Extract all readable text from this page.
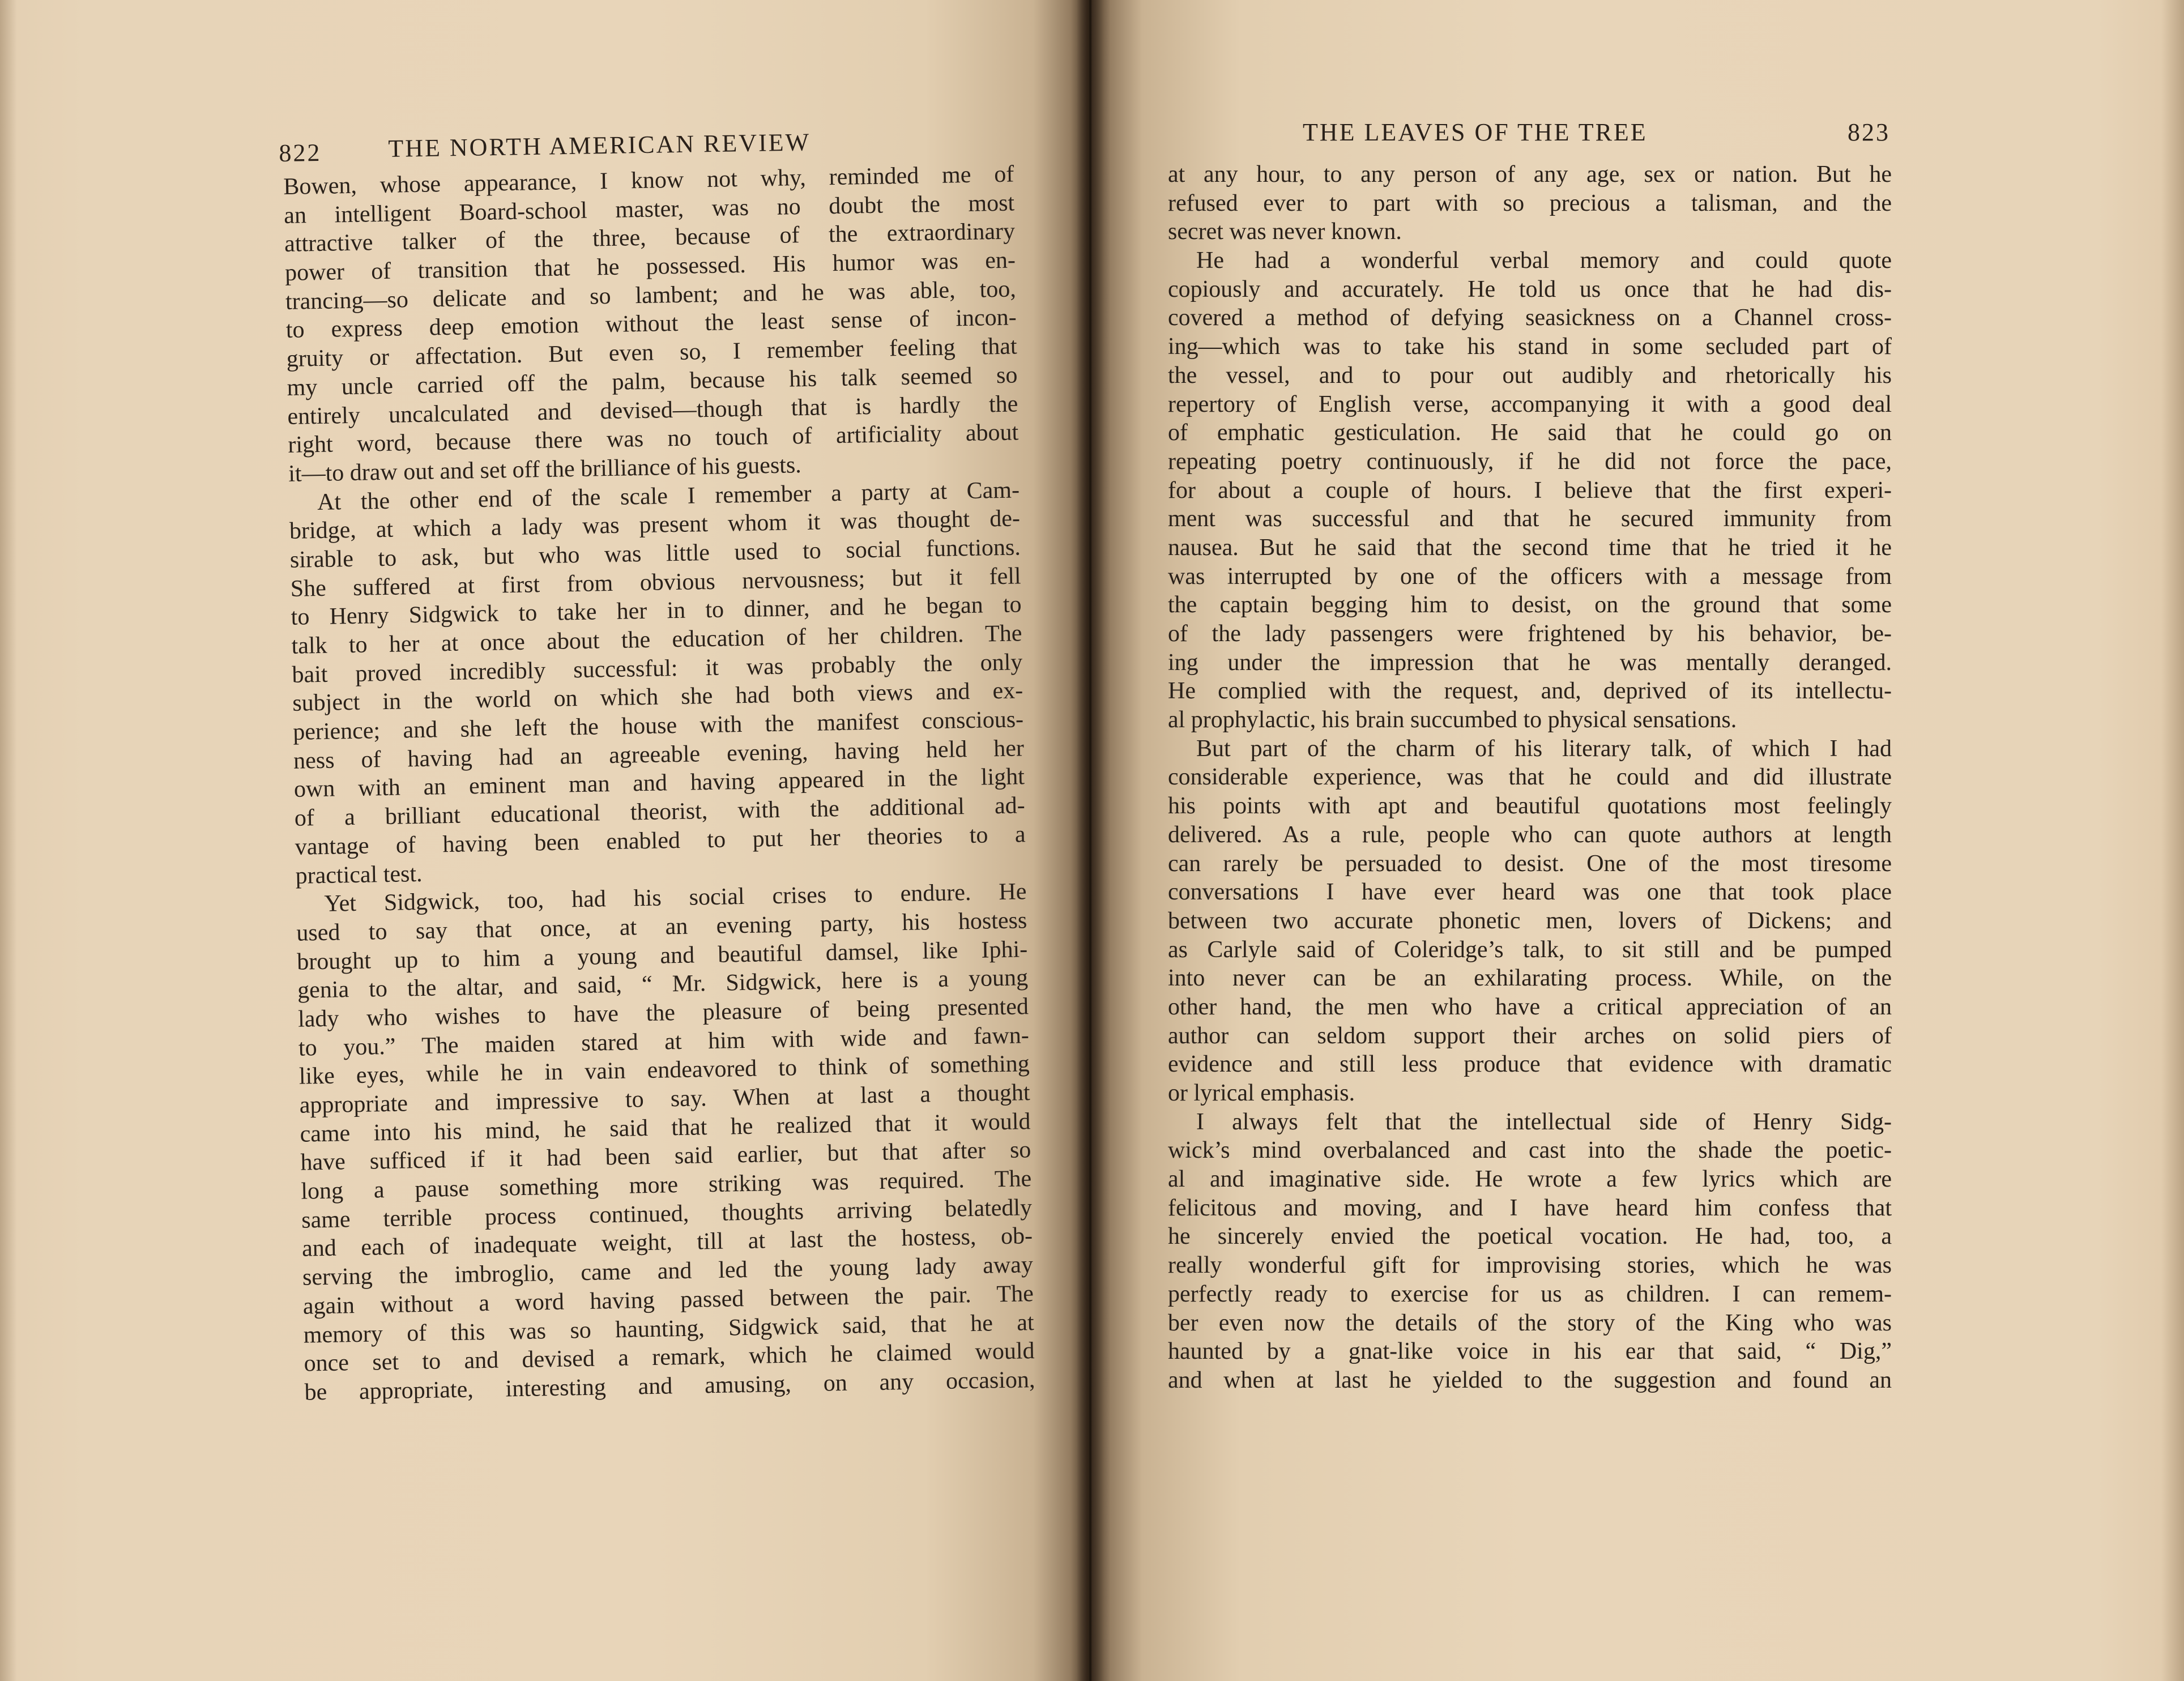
822	THE NORTH AMERICAN REVIEW	THE LEAVES OF THE TREE	823
Bowen, whose appearance, I know not why, reminded me of
an intelligent Board-school master, was no doubt the most
attractive talker of the three, because of the extraordinary
power of transition that he possessed. His humor was en-
trancing—so delicate and so lambent; and he was able, too,
to express deep emotion without the least sense of incon-
gruity or affectation. But even so, I remember feeling that
my uncle carried off the palm, because his talk seemed so
entirely uncalculated and devised—though that is hardly the
right word, because there was no touch of artificiality about
it—to draw out and set off the brilliance of his guests.
At the other end of the scale I remember a party at Cam-
bridge, at which a lady was present whom it was thought de-
sirable to ask, but who was little used to social functions.
She suffered at first from obvious nervousness; but it fell
to Henry Sidgwick to take her in to dinner, and he began to
talk to her at once about the education of her children. The
bait proved incredibly successful: it was probably the only
subject in the world on which she had both views and ex-
perience; and she left the house with the manifest conscious-
ness of having had an agreeable evening, having held her
own with an eminent man and having appeared in the light
of a brilliant educational theorist, with the additional ad-
vantage of having been enabled to put her theories to a
practical test.
Yet Sidgwick, too, had his social crises to endure. He
used to say that once, at an evening party, his hostess
brought up to him a young and beautiful damsel, like Iphi-
genia to the altar, and said, “ Mr. Sidgwick, here is a young
lady who wishes to have the pleasure of being presented
to you.” The maiden stared at him with wide and fawn-
like eyes, while he in vain endeavored to think of something
appropriate and impressive to say. When at last a thought
came into his mind, he said that he realized that it would
have sufficed if it had been said earlier, but that after so
long a pause something more striking was required. The
same terrible process continued, thoughts arriving belatedly
and each of inadequate weight, till at last the hostess, ob-
serving the imbroglio, came and led the young lady away
again without a word having passed between the pair. The
memory of this was so haunting, Sidgwick said, that he at
once set to and devised a remark, which he claimed would
be appropriate, interesting and amusing, on any occasion,
at any hour, to any person of any age, sex or nation. But he
refused ever to part with so precious a talisman, and the
secret was never known.
He had a wonderful verbal memory and could quote
copiously and accurately. He told us once that he had dis-
covered a method of defying seasickness on a Channel cross-
ing—which was to take his stand in some secluded part of
the vessel, and to pour out audibly and rhetorically his
repertory of English verse, accompanying it with a good deal
of emphatic gesticulation. He said that he could go on
repeating poetry continuously, if he did not force the pace,
for about a couple of hours. I believe that the first experi-
ment was successful and that he secured immunity from
nausea. But he said that the second time that he tried it he
was interrupted by one of the officers with a message from
the captain begging him to desist, on the ground that some
of the lady passengers were frightened by his behavior, be-
ing under the impression that he was mentally deranged.
He complied with the request, and, deprived of its intellectu-
al prophylactic, his brain succumbed to physical sensations.
But part of the charm of his literary talk, of which I had
considerable experience, was that he could and did illustrate
his points with apt and beautiful quotations most feelingly
delivered. As a rule, people who can quote authors at length
can rarely be persuaded to desist. One of the most tiresome
conversations I have ever heard was one that took place
between two accurate phonetic men, lovers of Dickens; and
as Carlyle said of Coleridge’s talk, to sit still and be pumped
into never can be an exhilarating process. While, on the
other hand, the men who have a critical appreciation of an
author can seldom support their arches on solid piers of
evidence and still less produce that evidence with dramatic
or lyrical emphasis.
I always felt that the intellectual side of Henry Sidg-
wick’s mind overbalanced and cast into the shade the poetic-
al and imaginative side. He wrote a few lyrics which are
felicitous and moving, and I have heard him confess that
he sincerely envied the poetical vocation. He had, too, a
really wonderful gift for improvising stories, which he was
perfectly ready to exercise for us as children. I can remem-
ber even now the details of the story of the King who was
haunted by a gnat-like voice in his ear that said, “ Dig,”
and when at last he yielded to the suggestion and found an
